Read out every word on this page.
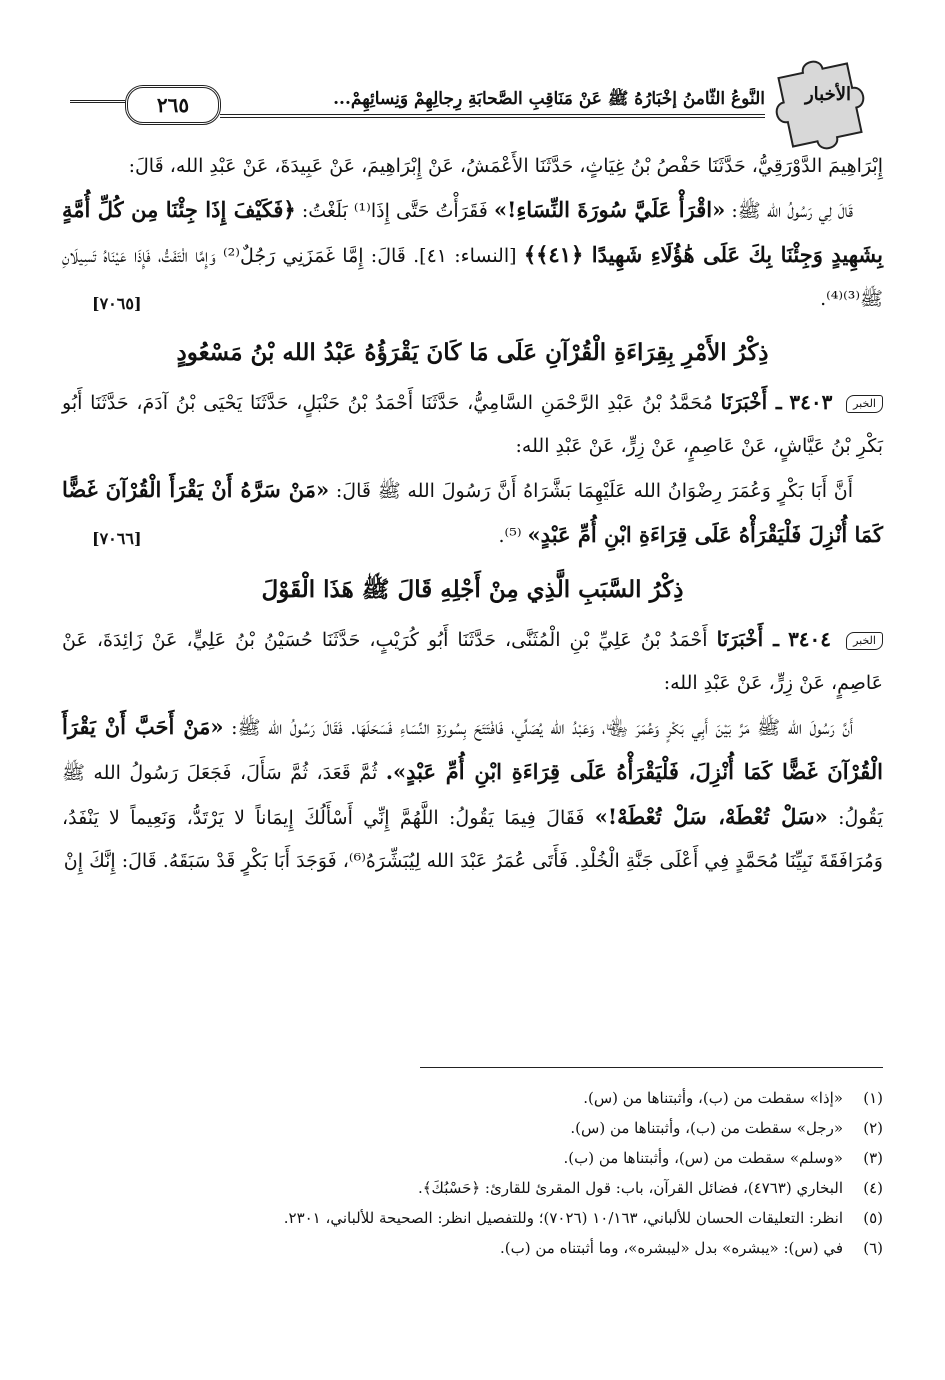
الأخبار
النَّوعُ الثَّامنُ إخْبَارُهُ ﷺ عَنْ مَنَاقِبِ الصَّحابَةِ رِجالِهِمْ وَنِسائِهِمْ...
٢٦٥

إِبْرَاهِيمَ الدَّوْرَقِيُّ، حَدَّثَنَا حَفْصُ بْنُ غِيَاثٍ، حَدَّثَنَا الأَعْمَشُ، عَنْ إِبْرَاهِيمَ، عَنْ عَبِيدَةَ، عَنْ عَبْدِ الله، قَالَ:

قَالَ لِي رَسُولُ الله ﷺ: «اقْرَأْ عَلَيَّ سُورَةَ النِّسَاءِ!» فَقَرَأْتُ حَتَّى إِذَا⁽¹⁾ بَلَغْتُ: ﴿فَكَيْفَ إِذَا جِئْنَا مِن كُلِّ أُمَّةٍ بِشَهِيدٍ وَجِئْنَا بِكَ عَلَى هَٰؤُلَاءِ شَهِيدًا ﴿٤١﴾﴾ [النساء: ٤١]. قَالَ: إِمَّا غَمَزَنِي رَجُلٌ⁽²⁾ وَإِمَّا الْتَفَتُّ، فَإِذَا عَيْنَاهُ تَسِيلَانِ ﷺ⁽³⁾⁽⁴⁾.
[٧٠٦٥]

ذِكْرُ الأَمْرِ بِقِرَاءَةِ الْقُرْآنِ عَلَى مَا كَانَ يَقْرَؤُهُ عَبْدُ الله بْنُ مَسْعُودٍ

الخبر ٣٤٠٣ ـ أَخْبَرَنَا مُحَمَّدُ بْنُ عَبْدِ الرَّحْمَنِ السَّامِيُّ، حَدَّثَنَا أَحْمَدُ بْنُ حَنْبَلٍ، حَدَّثَنَا يَحْيَى بْنُ آدَمَ، حَدَّثَنَا أَبُو بَكْرِ بْنُ عَيَّاشٍ، عَنْ عَاصِمٍ، عَنْ زِرٍّ، عَنْ عَبْدِ الله:

أَنَّ أَبَا بَكْرٍ وَعُمَرَ رِضْوَانُ الله عَلَيْهِمَا بَشَّرَاهُ أَنَّ رَسُولَ الله ﷺ قَالَ: «مَنْ سَرَّهُ أَنْ يَقْرَأَ الْقُرْآنَ غَضًّا كَمَا أُنْزِلَ فَلْيَقْرَأْهُ عَلَى قِرَاءَةِ ابْنِ أُمِّ عَبْدٍ» ⁽⁵⁾.
[٧٠٦٦]

ذِكْرُ السَّبَبِ الَّذِي مِنْ أَجْلِهِ قَالَ ﷺ هَذَا الْقَوْلَ

الخبر ٣٤٠٤ ـ أَخْبَرَنَا أَحْمَدُ بْنُ عَلِيِّ بْنِ الْمُثَنَّى، حَدَّثَنَا أَبُو كُرَيْبٍ، حَدَّثَنَا حُسَيْنُ بْنُ عَلِيٍّ، عَنْ زَائِدَةَ، عَنْ عَاصِمٍ، عَنْ زِرٍّ، عَنْ عَبْدِ الله:

أَنَّ رَسُولَ الله ﷺ مَرَّ بَيْنَ أَبِي بَكْرٍ وَعُمَرَ ﵄، وَعَبْدُ الله يُصَلِّي، فَافْتَتَحَ بِسُورَةِ النِّسَاءِ فَسَحَلَهَا. فَقَالَ رَسُولُ الله ﷺ: «مَنْ أَحَبَّ أَنْ يَقْرَأَ الْقُرْآنَ غَضًّا كَمَا أُنْزِلَ، فَلْيَقْرَأْهُ عَلَى قِرَاءَةِ ابْنِ أُمِّ عَبْدٍ». ثُمَّ قَعَدَ، ثُمَّ سَأَلَ، فَجَعَلَ رَسُولُ الله ﷺ يَقُولُ: «سَلْ تُعْطَهْ، سَلْ تُعْطَهْ!» فَقَالَ فِيمَا يَقُولُ: اللَّهُمَّ إِنِّي أَسْأَلُكَ إِيمَاناً لا يَرْتَدُّ، وَنَعِيماً لا يَنْفَدُ، وَمُرَافَقَةَ نَبِيِّنَا مُحَمَّدٍ فِي أَعْلَى جَنَّةِ الْخُلْدِ. فَأَتَى عُمَرُ عَبْدَ الله لِيُبَشِّرَهُ⁽⁶⁾، فَوَجَدَ أَبَا بَكْرٍ قَدْ سَبَقَهُ. قَالَ: إِنَّكَ إِنْ

(١)«إذا» سقطت من (ب)، وأثبتناها من (س).

(٢)«رجل» سقطت من (ب)، وأثبتناها من (س).

(٣)«وسلم» سقطت من (س)، وأثبتناها من (ب).

(٤)البخاري (٤٧٦٣)، فضائل القرآن، باب: قول المقرئ للقارئ: ﴿حَسْبُكَ﴾.

(٥)انظر: التعليقات الحسان للألباني، ١٠/١٦٣ (٧٠٢٦)؛ وللتفصيل انظر: الصحيحة للألباني، ٢٣٠١.

(٦)في (س): «يبشره» بدل «ليبشره»، وما أثبتناه من (ب).
